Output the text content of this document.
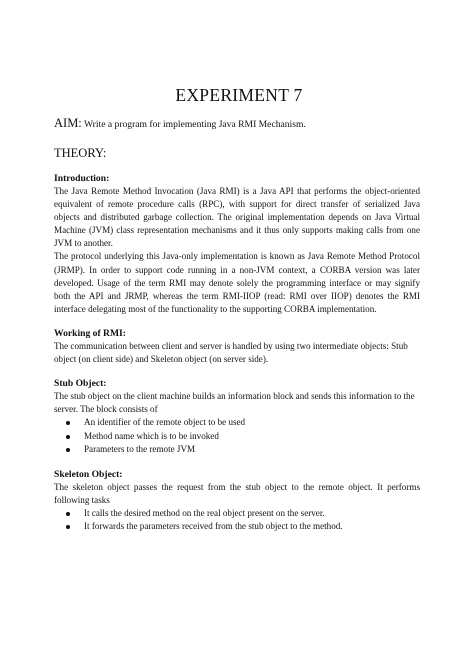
EXPERIMENT 7
AIM: Write a program for implementing Java RMI Mechanism.
THEORY:
Introduction:

The Java Remote Method Invocation (Java RMI) is a Java API that performs the object-oriented equivalent of remote procedure calls (RPC), with support for direct transfer of serialized Java objects and distributed garbage collection. The original implementation depends on Java Virtual Machine (JVM) class representation mechanisms and it thus only supports making calls from one JVM to another.

The protocol underlying this Java-only implementation is known as Java Remote Method Protocol (JRMP). In order to support code running in a non-JVM context, a CORBA version was later developed. Usage of the term RMI may denote solely the programming interface or may signify both the API and JRMP, whereas the term RMI-IIOP (read: RMI over IIOP) denotes the RMI interface delegating most of the functionality to the supporting CORBA implementation.

Working of RMI:

The communication between client and server is handled by using two intermediate objects: Stub object (on client side) and Skeleton object (on server side).

Stub Object:

The stub object on the client machine builds an information block and sends this information to the server. The block consists of

An identifier of the remote object to be used
Method name which is to be invoked
Parameters to the remote JVM
Skeleton Object:

The skeleton object passes the request from the stub object to the remote object. It performs following tasks

It calls the desired method on the real object present on the server.
It forwards the parameters received from the stub object to the method.
